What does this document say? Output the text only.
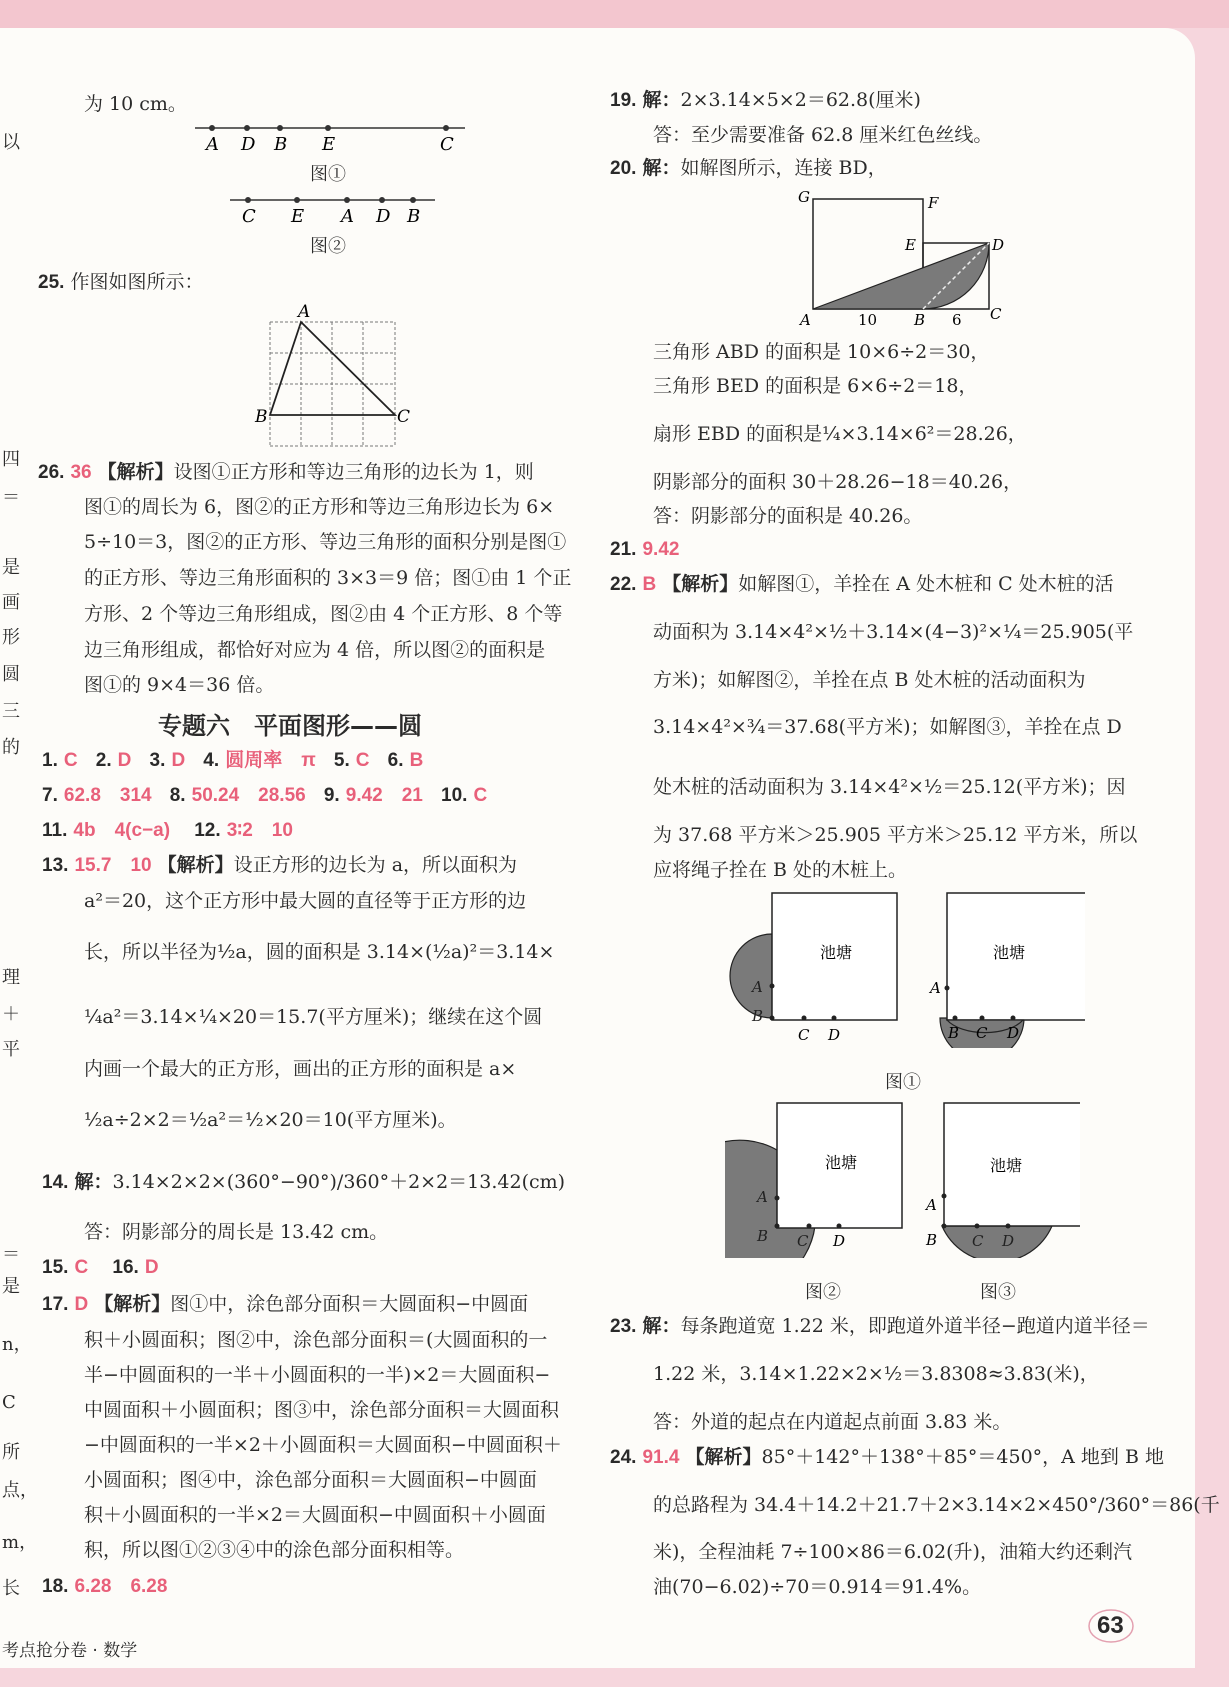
以
四
＝
是
画
形
圆
三
的
理
＋
平
＝
是
n，
C
所
点，
m，
长
为 10 cm。
A D B E	C
图①
C E A D B
图②
25. 作图如图所示：
A
B	C
26. 36 【解析】设图①正方形和等边三角形的边长为 1，则
图①的周长为 6，图②的正方形和等边三角形边长为 6×
5÷10＝3，图②的正方形、等边三角形的面积分别是图①
的正方形、等边三角形面积的 3×3＝9 倍；图①由 1 个正
方形、2 个等边三角形组成，图②由 4 个正方形、8 个等
边三角形组成，都恰好对应为 4 倍，所以图②的面积是
图①的 9×4＝36 倍。
专题六　平面图形——圆
1. C 2. D 3. D 4. 圆周率　π 5. C 6. B
7. 62.8　314 8. 50.24　28.56 9. 9.42　21 10. C
11. 4b　4(c−a) 12. 3∶2　10
13. 15.7　10 【解析】设正方形的边长为 a，所以面积为
a²＝20，这个正方形中最大圆的直径等于正方形的边
长，所以半径为½a，圆的面积是 3.14×(½a)²＝3.14×
¼a²＝3.14×¼×20＝15.7(平方厘米)；继续在这个圆
内画一个最大的正方形，画出的正方形的面积是 a×
½a÷2×2＝½a²＝½×20＝10(平方厘米)。
14. 解：3.14×2×2×(360°−90°)/360°＋2×2＝13.42(cm)
答：阴影部分的周长是 13.42 cm。
15. C 16. D
17. D 【解析】图①中，涂色部分面积＝大圆面积−中圆面
积＋小圆面积；图②中，涂色部分面积＝(大圆面积的一
半−中圆面积的一半＋小圆面积的一半)×2＝大圆面积−
中圆面积＋小圆面积；图③中，涂色部分面积＝大圆面积
−中圆面积的一半×2＋小圆面积＝大圆面积−中圆面积＋
小圆面积；图④中，涂色部分面积＝大圆面积−中圆面
积＋小圆面积的一半×2＝大圆面积−中圆面积＋小圆面
积，所以图①②③④中的涂色部分面积相等。
18. 6.28　6.28
19. 解：2×3.14×5×2＝62.8(厘米)
答：至少需要准备 62.8 厘米红色丝线。
20. 解：如解图所示，连接 BD，
G	F
E	D
A	10 B 6 C
三角形 ABD 的面积是 10×6÷2＝30，
三角形 BED 的面积是 6×6÷2＝18，
扇形 EBD 的面积是¼×3.14×6²＝28.26，
阴影部分的面积 30＋28.26−18＝40.26，
答：阴影部分的面积是 40.26。
21. 9.42
22. B 【解析】如解图①，羊拴在 A 处木桩和 C 处木桩的活
动面积为 3.14×4²×½＋3.14×(4−3)²×¼＝25.905(平
方米)；如解图②，羊拴在点 B 处木桩的活动面积为
3.14×4²×¾＝37.68(平方米)；如解图③，羊拴在点 D
处木桩的活动面积为 3.14×4²×½＝25.12(平方米)；因
为 37.68 平方米＞25.905 平方米＞25.12 平方米，所以
应将绳子拴在 B 处的木桩上。
池塘
A
B
C D
池塘
A
B C D
图①
池塘
A
B C D
池塘
A
B C D
图②	图③
23. 解：每条跑道宽 1.22 米，即跑道外道半径−跑道内道半径＝
1.22 米，3.14×1.22×2×½＝3.8308≈3.83(米)，
答：外道的起点在内道起点前面 3.83 米。
24. 91.4 【解析】85°＋142°＋138°＋85°＝450°，A 地到 B 地
的总路程为 34.4＋14.2＋21.7＋2×3.14×2×450°/360°＝86(千
米)，全程油耗 7÷100×86＝6.02(升)，油箱大约还剩汽
油(70−6.02)÷70＝0.914＝91.4%。
考点抢分卷 · 数学
63
